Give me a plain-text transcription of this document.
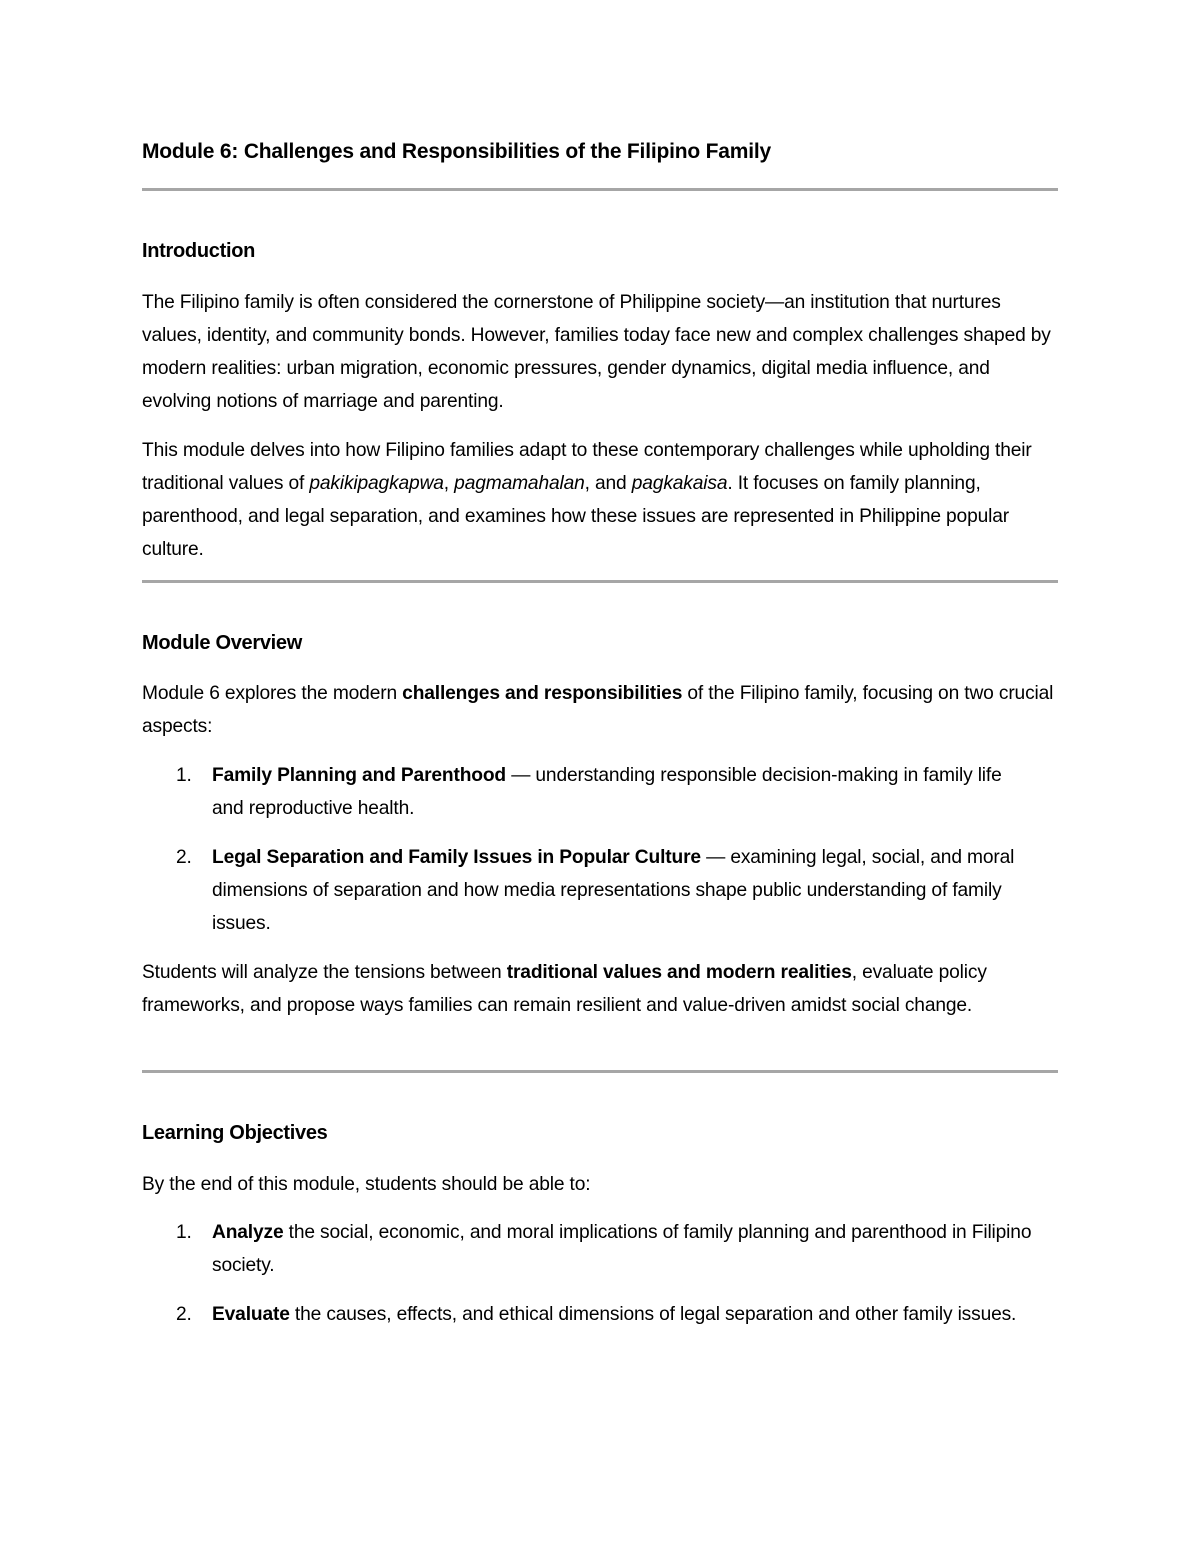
Module 6: Challenges and Responsibilities of the Filipino Family
Introduction

The Filipino family is often considered the cornerstone of Philippine society—an institution that nurtures values, identity, and community bonds. However, families today face new and complex challenges shaped by modern realities: urban migration, economic pressures, gender dynamics, digital media influence, and evolving notions of marriage and parenting.

This module delves into how Filipino families adapt to these contemporary challenges while upholding their traditional values of pakikipagkapwa, pagmamahalan, and pagkakaisa. It focuses on family planning, parenthood, and legal separation, and examines how these issues are represented in Philippine popular culture.

Module Overview

Module 6 explores the modern challenges and responsibilities of the Filipino family, focusing on two crucial aspects:

1. Family Planning and Parenthood — understanding responsible decision-making in family life and reproductive health.
2. Legal Separation and Family Issues in Popular Culture — examining legal, social, and moral dimensions of separation and how media representations shape public understanding of family issues.

Students will analyze the tensions between traditional values and modern realities, evaluate policy frameworks, and propose ways families can remain resilient and value-driven amidst social change.

Learning Objectives

By the end of this module, students should be able to:

1. Analyze the social, economic, and moral implications of family planning and parenthood in Filipino society.
2. Evaluate the causes, effects, and ethical dimensions of legal separation and other family issues.
